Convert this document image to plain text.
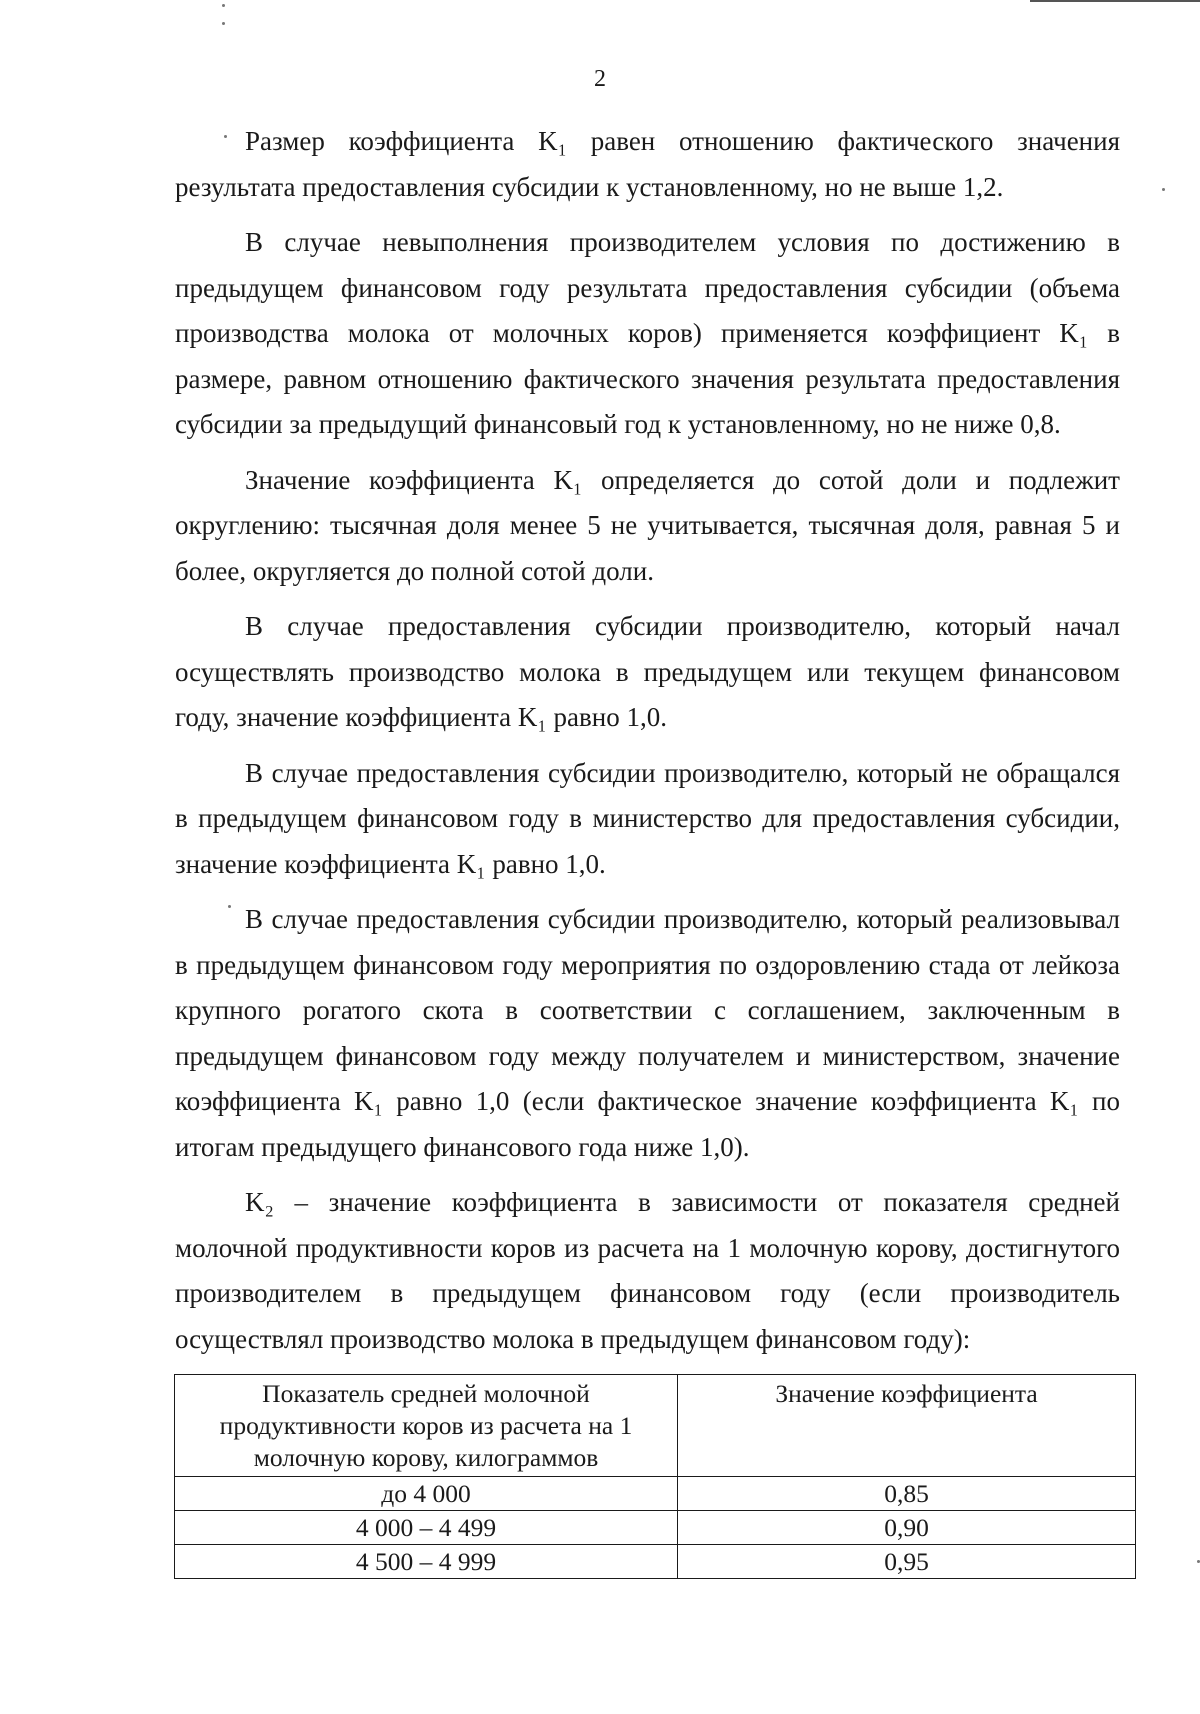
2

Размер коэффициента K₁ равен отношению фактического значения результата предоставления субсидии к установленному, но не выше 1,2.

В случае невыполнения производителем условия по достижению в предыдущем финансовом году результата предоставления субсидии (объема производства молока от молочных коров) применяется коэффициент K₁ в размере, равном отношению фактического значения результата предоставления субсидии за предыдущий финансовый год к установленному, но не ниже 0,8.

Значение коэффициента K₁ определяется до сотой доли и подлежит округлению: тысячная доля менее 5 не учитывается, тысячная доля, равная 5 и более, округляется до полной сотой доли.

В случае предоставления субсидии производителю, который начал осуществлять производство молока в предыдущем или текущем финансовом году, значение коэффициента K₁ равно 1,0.

В случае предоставления субсидии производителю, который не обращался в предыдущем финансовом году в министерство для предоставления субсидии, значение коэффициента K₁ равно 1,0.

В случае предоставления субсидии производителю, который реализовывал в предыдущем финансовом году мероприятия по оздоровлению стада от лейкоза крупного рогатого скота в соответствии с соглашением, заключенным в предыдущем финансовом году между получателем и министерством, значение коэффициента K₁ равно 1,0 (если фактическое значение коэффициента K₁ по итогам предыдущего финансового года ниже 1,0).

K₂ – значение коэффициента в зависимости от показателя средней молочной продуктивности коров из расчета на 1 молочную корову, достигнутого производителем в предыдущем финансовом году (если производитель осуществлял производство молока в предыдущем финансовом году):

Показатель средней молочной продуктивности коров из расчета на 1 молочную корову, килограммов	Значение коэффициента
до 4 000	0,85
4 000 – 4 499	0,90
4 500 – 4 999	0,95
